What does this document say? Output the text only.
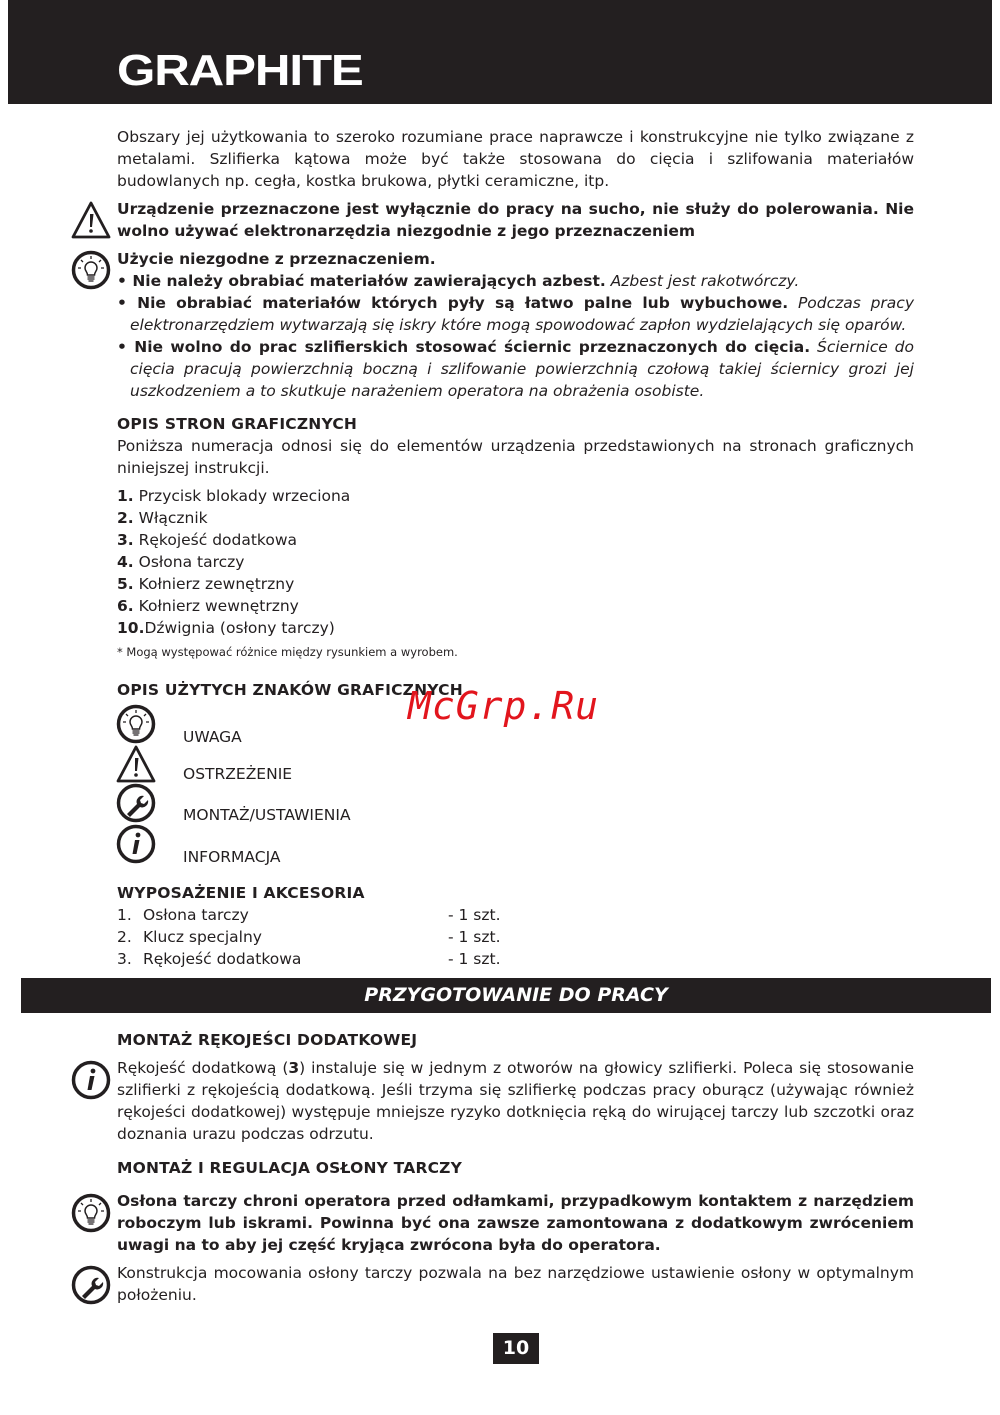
GRAPHITE

Obszary jej użytkowania to szeroko rozumiane prace naprawcze i konstrukcyjne nie tylko związane z metalami. Szlifierka kątowa może być także stosowana do cięcia i szlifowania materiałów budowlanych np. cegła, kostka brukowa, płytki ceramiczne, itp.

Urządzenie przeznaczone jest wyłącznie do pracy na sucho, nie służy do polerowania. Nie wolno używać elektronarzędzia niezgodnie z jego przeznaczeniem

Użycie niezgodne z przeznaczeniem.

• Nie należy obrabiać materiałów zawierających azbest. Azbest jest rakotwórczy.
• Nie obrabiać materiałów których pyły są łatwo palne lub wybuchowe. Podczas pracy elektronarzędziem wytwarzają się iskry które mogą spowodować zapłon wydzielających się oparów.
• Nie wolno do prac szlifierskich stosować ściernic przeznaczonych do cięcia. Ściernice do cięcia pracują powierzchnią boczną i szlifowanie powierzchnią czołową takiej ściernicy grozi jej uszkodzeniem a to skutkuje narażeniem operatora na obrażenia osobiste.
OPIS STRON GRAFICZNYCH

Poniższa numeracja odnosi się do elementów urządzenia przedstawionych na stronach graficznych niniejszej instrukcji.

1. Przycisk blokady wrzeciona
2. Włącznik
3. Rękojeść dodatkowa
4. Osłona tarczy
5. Kołnierz zewnętrzny
6. Kołnierz wewnętrzny
10.Dźwignia (osłony tarczy)
* Mogą występować różnice między rysunkiem a wyrobem.
OPIS UŻYTYCH ZNAKÓW GRAFICZNYCH
McGrp.Ru
UWAGA
OSTRZEŻENIE
MONTAŻ/USTAWIENIA
INFORMACJA
WYPOSAŻENIE I AKCESORIA
1. Osłona tarczy	- 1 szt.
2. Klucz specjalny	- 1 szt.
3. Rękojeść dodatkowa	- 1 szt.
PRZYGOTOWANIE DO PRACY
MONTAŻ RĘKOJEŚCI DODATKOWEJ

Rękojeść dodatkową (3) instaluje się w jednym z otworów na głowicy szlifierki. Poleca się stosowanie szlifierki z rękojeścią dodatkową. Jeśli trzyma się szlifierkę podczas pracy oburącz (używając również rękojeści dodatkowej) występuje mniejsze ryzyko dotknięcia ręką do wirującej tarczy lub szczotki oraz doznania urazu podczas odrzutu.

MONTAŻ I REGULACJA OSŁONY TARCZY

Osłona tarczy chroni operatora przed odłamkami, przypadkowym kontaktem z narzędziem roboczym lub iskrami. Powinna być ona zawsze zamontowana z dodatkowym zwróceniem uwagi na to aby jej część kryjąca zwrócona była do operatora.

Konstrukcja mocowania osłony tarczy pozwala na bez narzędziowe ustawienie osłony w optymalnym położeniu.

10
